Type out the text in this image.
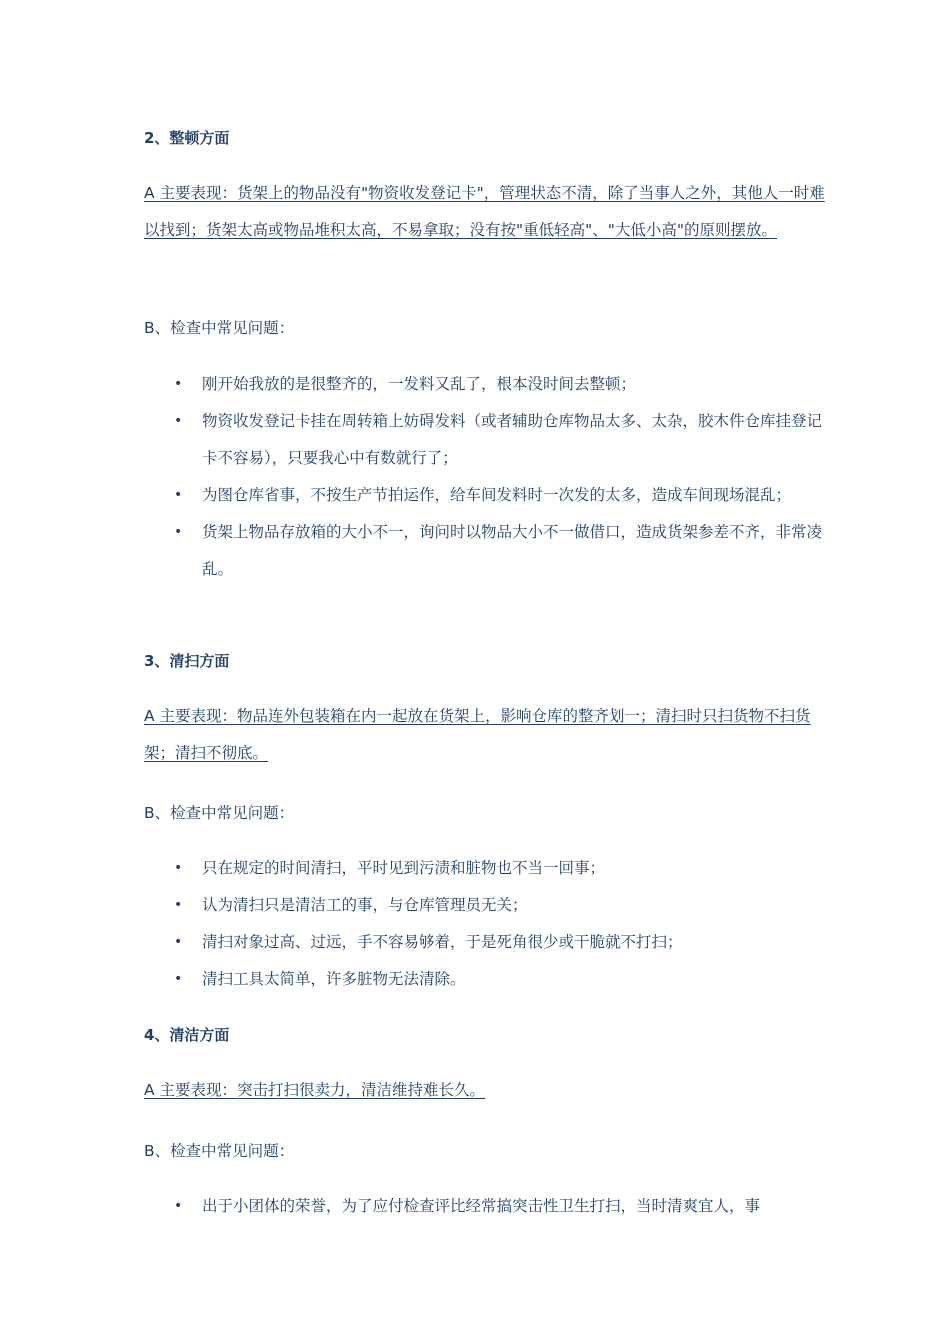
2、整顿方面
A 主要表现：货架上的物品没有"物资收发登记卡"，管理状态不清，除了当事人之外，其他人一时难以找到；货架太高或物品堆积太高，不易拿取；没有按"重低轻高"、"大低小高"的原则摆放。
B、检查中常见问题：
• 刚开始我放的是很整齐的，一发料又乱了，根本没时间去整顿；
• 物资收发登记卡挂在周转箱上妨碍发料（或者辅助仓库物品太多、太杂，胶木件仓库挂登记卡不容易），只要我心中有数就行了；
• 为图仓库省事，不按生产节拍运作，给车间发料时一次发的太多，造成车间现场混乱；
• 货架上物品存放箱的大小不一，询问时以物品大小不一做借口，造成货架参差不齐，非常凌乱。
3、清扫方面
A 主要表现：物品连外包装箱在内一起放在货架上，影响仓库的整齐划一；清扫时只扫货物不扫货架；清扫不彻底。
B、检查中常见问题：
• 只在规定的时间清扫，平时见到污渍和脏物也不当一回事；
• 认为清扫只是清洁工的事，与仓库管理员无关；
• 清扫对象过高、过远，手不容易够着，于是死角很少或干脆就不打扫；
• 清扫工具太简单，许多脏物无法清除。
4、清洁方面
A 主要表现：突击打扫很卖力，清洁维持难长久。
B、检查中常见问题：
• 出于小团体的荣誉，为了应付检查评比经常搞突击性卫生打扫，当时清爽宜人，事
